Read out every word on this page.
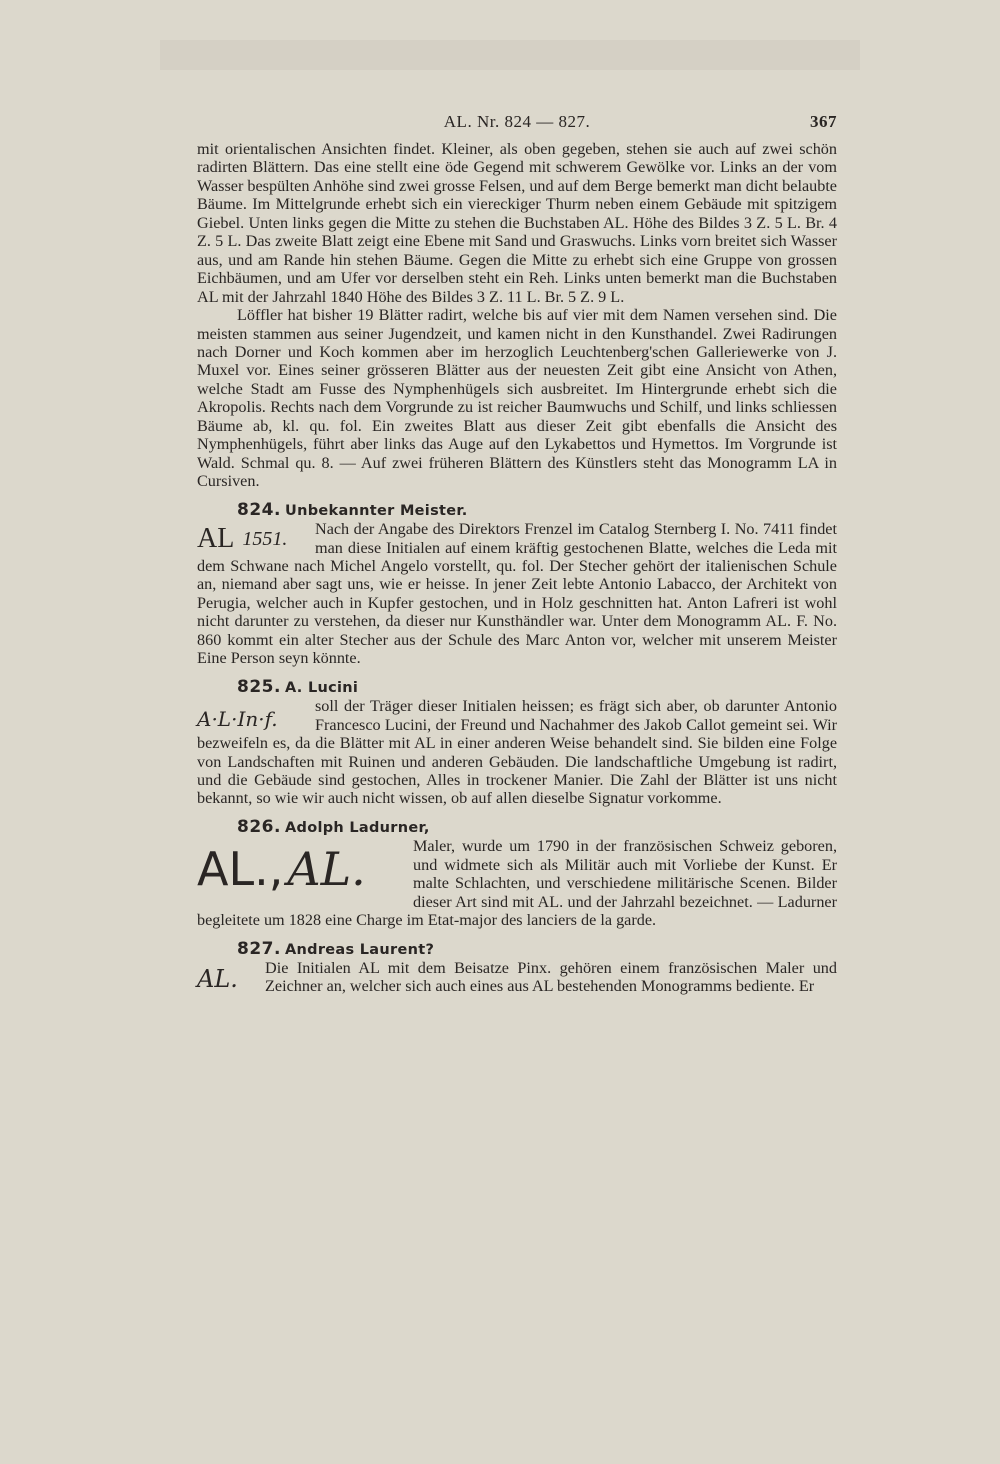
AL. Nr. 824 — 827.	367

mit orientalischen Ansichten findet. Kleiner, als oben gegeben, stehen sie auch auf zwei schön radirten Blättern. Das eine stellt eine öde Gegend mit schwerem Gewölke vor. Links an der vom Wasser bespülten Anhöhe sind zwei grosse Felsen, und auf dem Berge bemerkt man dicht belaubte Bäume. Im Mittelgrunde erhebt sich ein viereckiger Thurm neben einem Gebäude mit spitzigem Giebel. Unten links gegen die Mitte zu stehen die Buchstaben AL. Höhe des Bildes 3 Z. 5 L. Br. 4 Z. 5 L. Das zweite Blatt zeigt eine Ebene mit Sand und Graswuchs. Links vorn breitet sich Wasser aus, und am Rande hin stehen Bäume. Gegen die Mitte zu erhebt sich eine Gruppe von grossen Eichbäumen, und am Ufer vor derselben steht ein Reh. Links unten bemerkt man die Buchstaben AL mit der Jahrzahl 1840 Höhe des Bildes 3 Z. 11 L. Br. 5 Z. 9 L.

Löffler hat bisher 19 Blätter radirt, welche bis auf vier mit dem Namen versehen sind. Die meisten stammen aus seiner Jugendzeit, und kamen nicht in den Kunsthandel. Zwei Radirungen nach Dorner und Koch kommen aber im herzoglich Leuchtenberg'schen Galleriewerke von J. Muxel vor. Eines seiner grösseren Blätter aus der neuesten Zeit gibt eine Ansicht von Athen, welche Stadt am Fusse des Nymphenhügels sich ausbreitet. Im Hintergrunde erhebt sich die Akropolis. Rechts nach dem Vorgrunde zu ist reicher Baumwuchs und Schilf, und links schliessen Bäume ab, kl. qu. fol. Ein zweites Blatt aus dieser Zeit gibt ebenfalls die Ansicht des Nymphenhügels, führt aber links das Auge auf den Lykabettos und Hymettos. Im Vorgrunde ist Wald. Schmal qu. 8. — Auf zwei früheren Blättern des Künstlers steht das Monogramm LA in Cursiven.

824. Unbekannter Meister.

AL 1551.	Nach der Angabe des Direktors Frenzel im Catalog Sternberg I. No. 7411 findet man diese Initialen auf einem kräftig gestochenen Blatte, welches die Leda mit dem Schwane nach Michel Angelo vorstellt, qu. fol. Der Stecher gehört der italienischen Schule an, niemand aber sagt uns, wie er heisse. In jener Zeit lebte Antonio Labacco, der Architekt von Perugia, welcher auch in Kupfer gestochen, und in Holz geschnitten hat. Anton Lafreri ist wohl nicht darunter zu verstehen, da dieser nur Kunsthändler war. Unter dem Monogramm AL. F. No. 860 kommt ein alter Stecher aus der Schule des Marc Anton vor, welcher mit unserem Meister Eine Person seyn könnte.

825. A. Lucini

A·L·In·f.

soll der Träger dieser Initialen heissen; es frägt sich aber, ob darunter Antonio Francesco Lucini, der Freund und Nachahmer des Jakob Callot gemeint sei. Wir bezweifeln es, da die Blätter mit AL in einer anderen Weise behandelt sind. Sie bilden eine Folge von Landschaften mit Ruinen und anderen Gebäuden. Die landschaftliche Umgebung ist radirt, und die Gebäude sind gestochen, Alles in trockener Manier. Die Zahl der Blätter ist uns nicht bekannt, so wie wir auch nicht wissen, ob auf allen dieselbe Signatur vorkomme.

826. Adolph Ladurner,

AL., AL.	Maler, wurde um 1790 in der französischen Schweiz geboren, und widmete sich als Militär auch mit Vorliebe der Kunst. Er malte Schlachten, und verschiedene militärische Scenen. Bilder dieser Art sind mit AL. und der Jahrzahl bezeichnet. — Ladurner begleitete um 1828 eine Charge im Etat-major des lanciers de la garde.

827. Andreas Laurent?

AL.	Die Initialen AL mit dem Beisatze Pinx. gehören einem französischen Maler und Zeichner an, welcher sich auch eines aus AL bestehenden Monogramms bediente. Er
